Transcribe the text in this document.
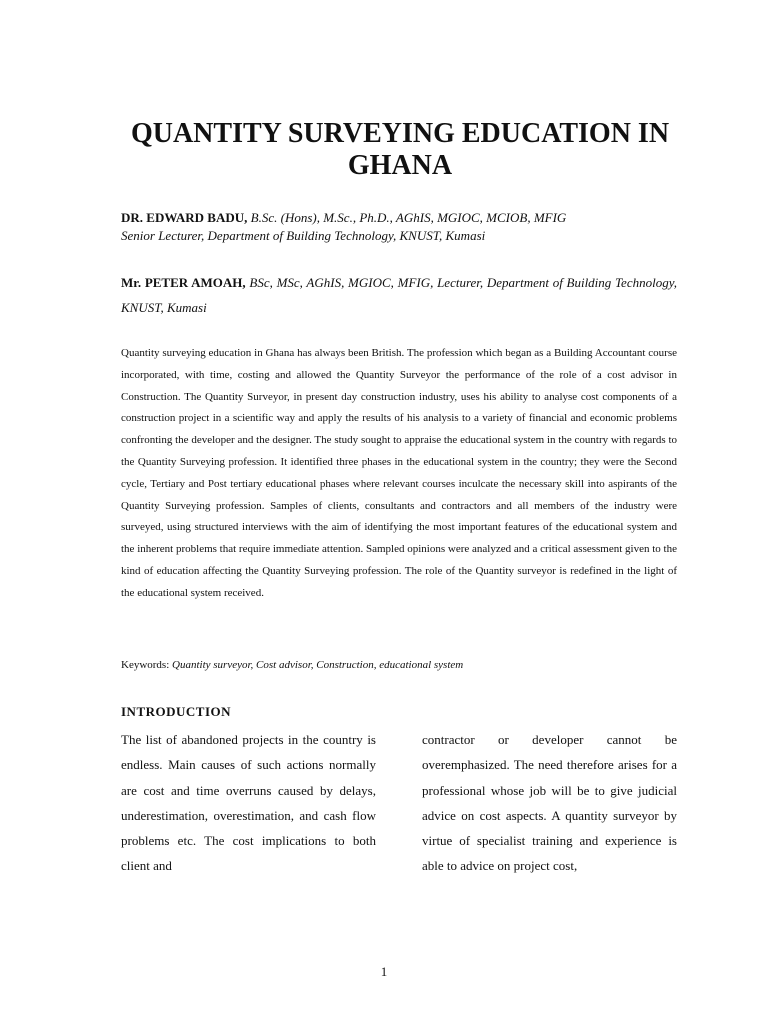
QUANTITY SURVEYING EDUCATION IN GHANA
DR. EDWARD BADU, B.Sc. (Hons), M.Sc., Ph.D., AGhIS, MGIOC, MCIOB, MFIG
Senior Lecturer, Department of Building Technology, KNUST, Kumasi
Mr. PETER AMOAH, BSc, MSc, AGhIS, MGIOC, MFIG, Lecturer, Department of Building Technology, KNUST, Kumasi

Quantity surveying education in Ghana has always been British. The profession which began as a Building Accountant course incorporated, with time, costing and allowed the Quantity Surveyor the performance of the role of a cost advisor in Construction. The Quantity Surveyor, in present day construction industry, uses his ability to analyse cost components of a construction project in a scientific way and apply the results of his analysis to a variety of financial and economic problems confronting the developer and the designer. The study sought to appraise the educational system in the country with regards to the Quantity Surveying profession. It identified three phases in the educational system in the country; they were the Second cycle, Tertiary and Post tertiary educational phases where relevant courses inculcate the necessary skill into aspirants of the Quantity Surveying profession. Samples of clients, consultants and contractors and all members of the industry were surveyed, using structured interviews with the aim of identifying the most important features of the educational system and the inherent problems that require immediate attention. Sampled opinions were analyzed and a critical assessment given to the kind of education affecting the Quantity Surveying profession. The role of the Quantity surveyor is redefined in the light of the educational system received.

Keywords: Quantity surveyor, Cost advisor, Construction, educational system
INTRODUCTION

The list of abandoned projects in the country is endless. Main causes of such actions normally are cost and time overruns caused by delays, underestimation, overestimation, and cash flow problems etc. The cost implications to both client and

contractor or developer cannot be overemphasized. The need therefore arises for a professional whose job will be to give judicial advice on cost aspects. A quantity surveyor by virtue of specialist training and experience is able to advice on project cost,

1
